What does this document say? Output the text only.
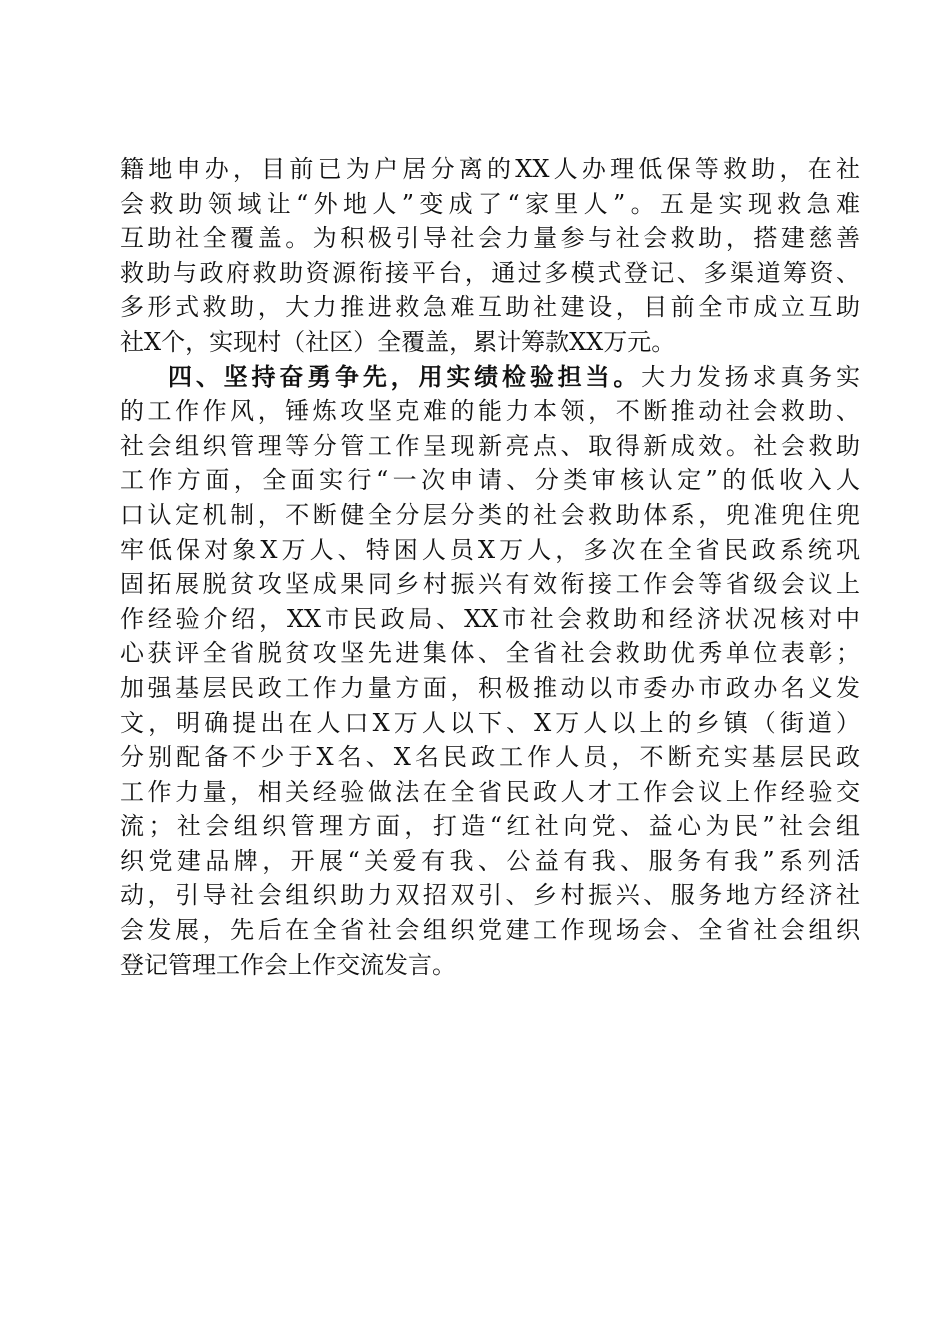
籍地申办，目前已为户居分离的XX人办理低保等救助，在社
会救助领域让“外地人”变成了“家里人”。五是实现救急难
互助社全覆盖。为积极引导社会力量参与社会救助，搭建慈善
救助与政府救助资源衔接平台，通过多模式登记、多渠道筹资、
多形式救助，大力推进救急难互助社建设，目前全市成立互助
社X个，实现村（社区）全覆盖，累计筹款XX万元。
四、坚持奋勇争先，用实绩检验担当。大力发扬求真务实
的工作作风，锤炼攻坚克难的能力本领，不断推动社会救助、
社会组织管理等分管工作呈现新亮点、取得新成效。社会救助
工作方面，全面实行“一次申请、分类审核认定”的低收入人
口认定机制，不断健全分层分类的社会救助体系，兜准兜住兜
牢低保对象X万人、特困人员X万人，多次在全省民政系统巩
固拓展脱贫攻坚成果同乡村振兴有效衔接工作会等省级会议上
作经验介绍，XX市民政局、XX市社会救助和经济状况核对中
心获评全省脱贫攻坚先进集体、全省社会救助优秀单位表彰；
加强基层民政工作力量方面，积极推动以市委办市政办名义发
文，明确提出在人口X万人以下、X万人以上的乡镇（街道）
分别配备不少于X名、X名民政工作人员，不断充实基层民政
工作力量，相关经验做法在全省民政人才工作会议上作经验交
流；社会组织管理方面，打造“红社向党、益心为民”社会组
织党建品牌，开展“关爱有我、公益有我、服务有我”系列活
动，引导社会组织助力双招双引、乡村振兴、服务地方经济社
会发展，先后在全省社会组织党建工作现场会、全省社会组织
登记管理工作会上作交流发言。
